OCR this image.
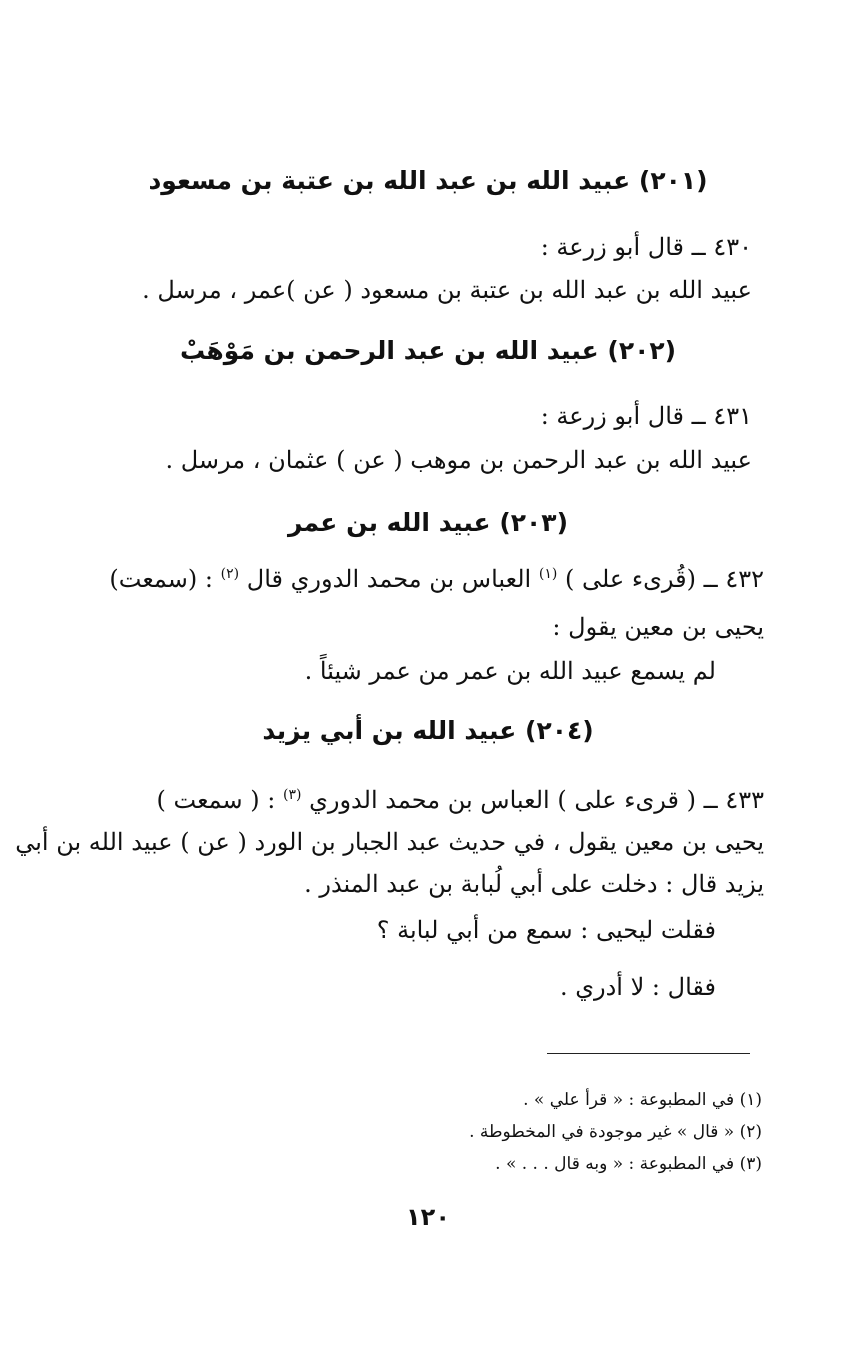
(٢٠١) عبيد الله بن عبد الله بن عتبة بن مسعود
٤٣٠ ــ قال أبو زرعة :
عبيد الله بن عبد الله بن عتبة بن مسعود ( عن )عمر ، مرسل .
(٢٠٢) عبيد الله بن عبد الرحمن بن مَوْهَبْ
٤٣١ ــ قال أبو زرعة :
عبيد الله بن عبد الرحمن بن موهب ( عن ) عثمان ، مرسل .
(٢٠٣) عبيد الله بن عمر
٤٣٢ ــ (قُرىء على ) $^{(١)}$ العباس بن محمد الدوري قال $^{(٢)}$ : (سمعت)
يحيى بن معين يقول :
لم يسمع عبيد الله بن عمر من عمر شيئاً .
(٢٠٤) عبيد الله بن أبي يزيد
٤٣٣ ــ ( قرىء على ) العباس بن محمد الدوري $^{(٣)}$ : ( سمعت )
يحيى بن معين يقول ، في حديث عبد الجبار بن الورد ( عن ) عبيد الله بن أبي
يزيد قال : دخلت على أبي لُبابة بن عبد المنذر .
فقلت ليحيى : سمع من أبي لبابة ؟
فقال : لا أدري .
(١) في المطبوعة : « قرأ علي » .
(٢) « قال » غير موجودة في المخطوطة .
(٣) في المطبوعة : « وبه قال . . . » .
١٢٠
